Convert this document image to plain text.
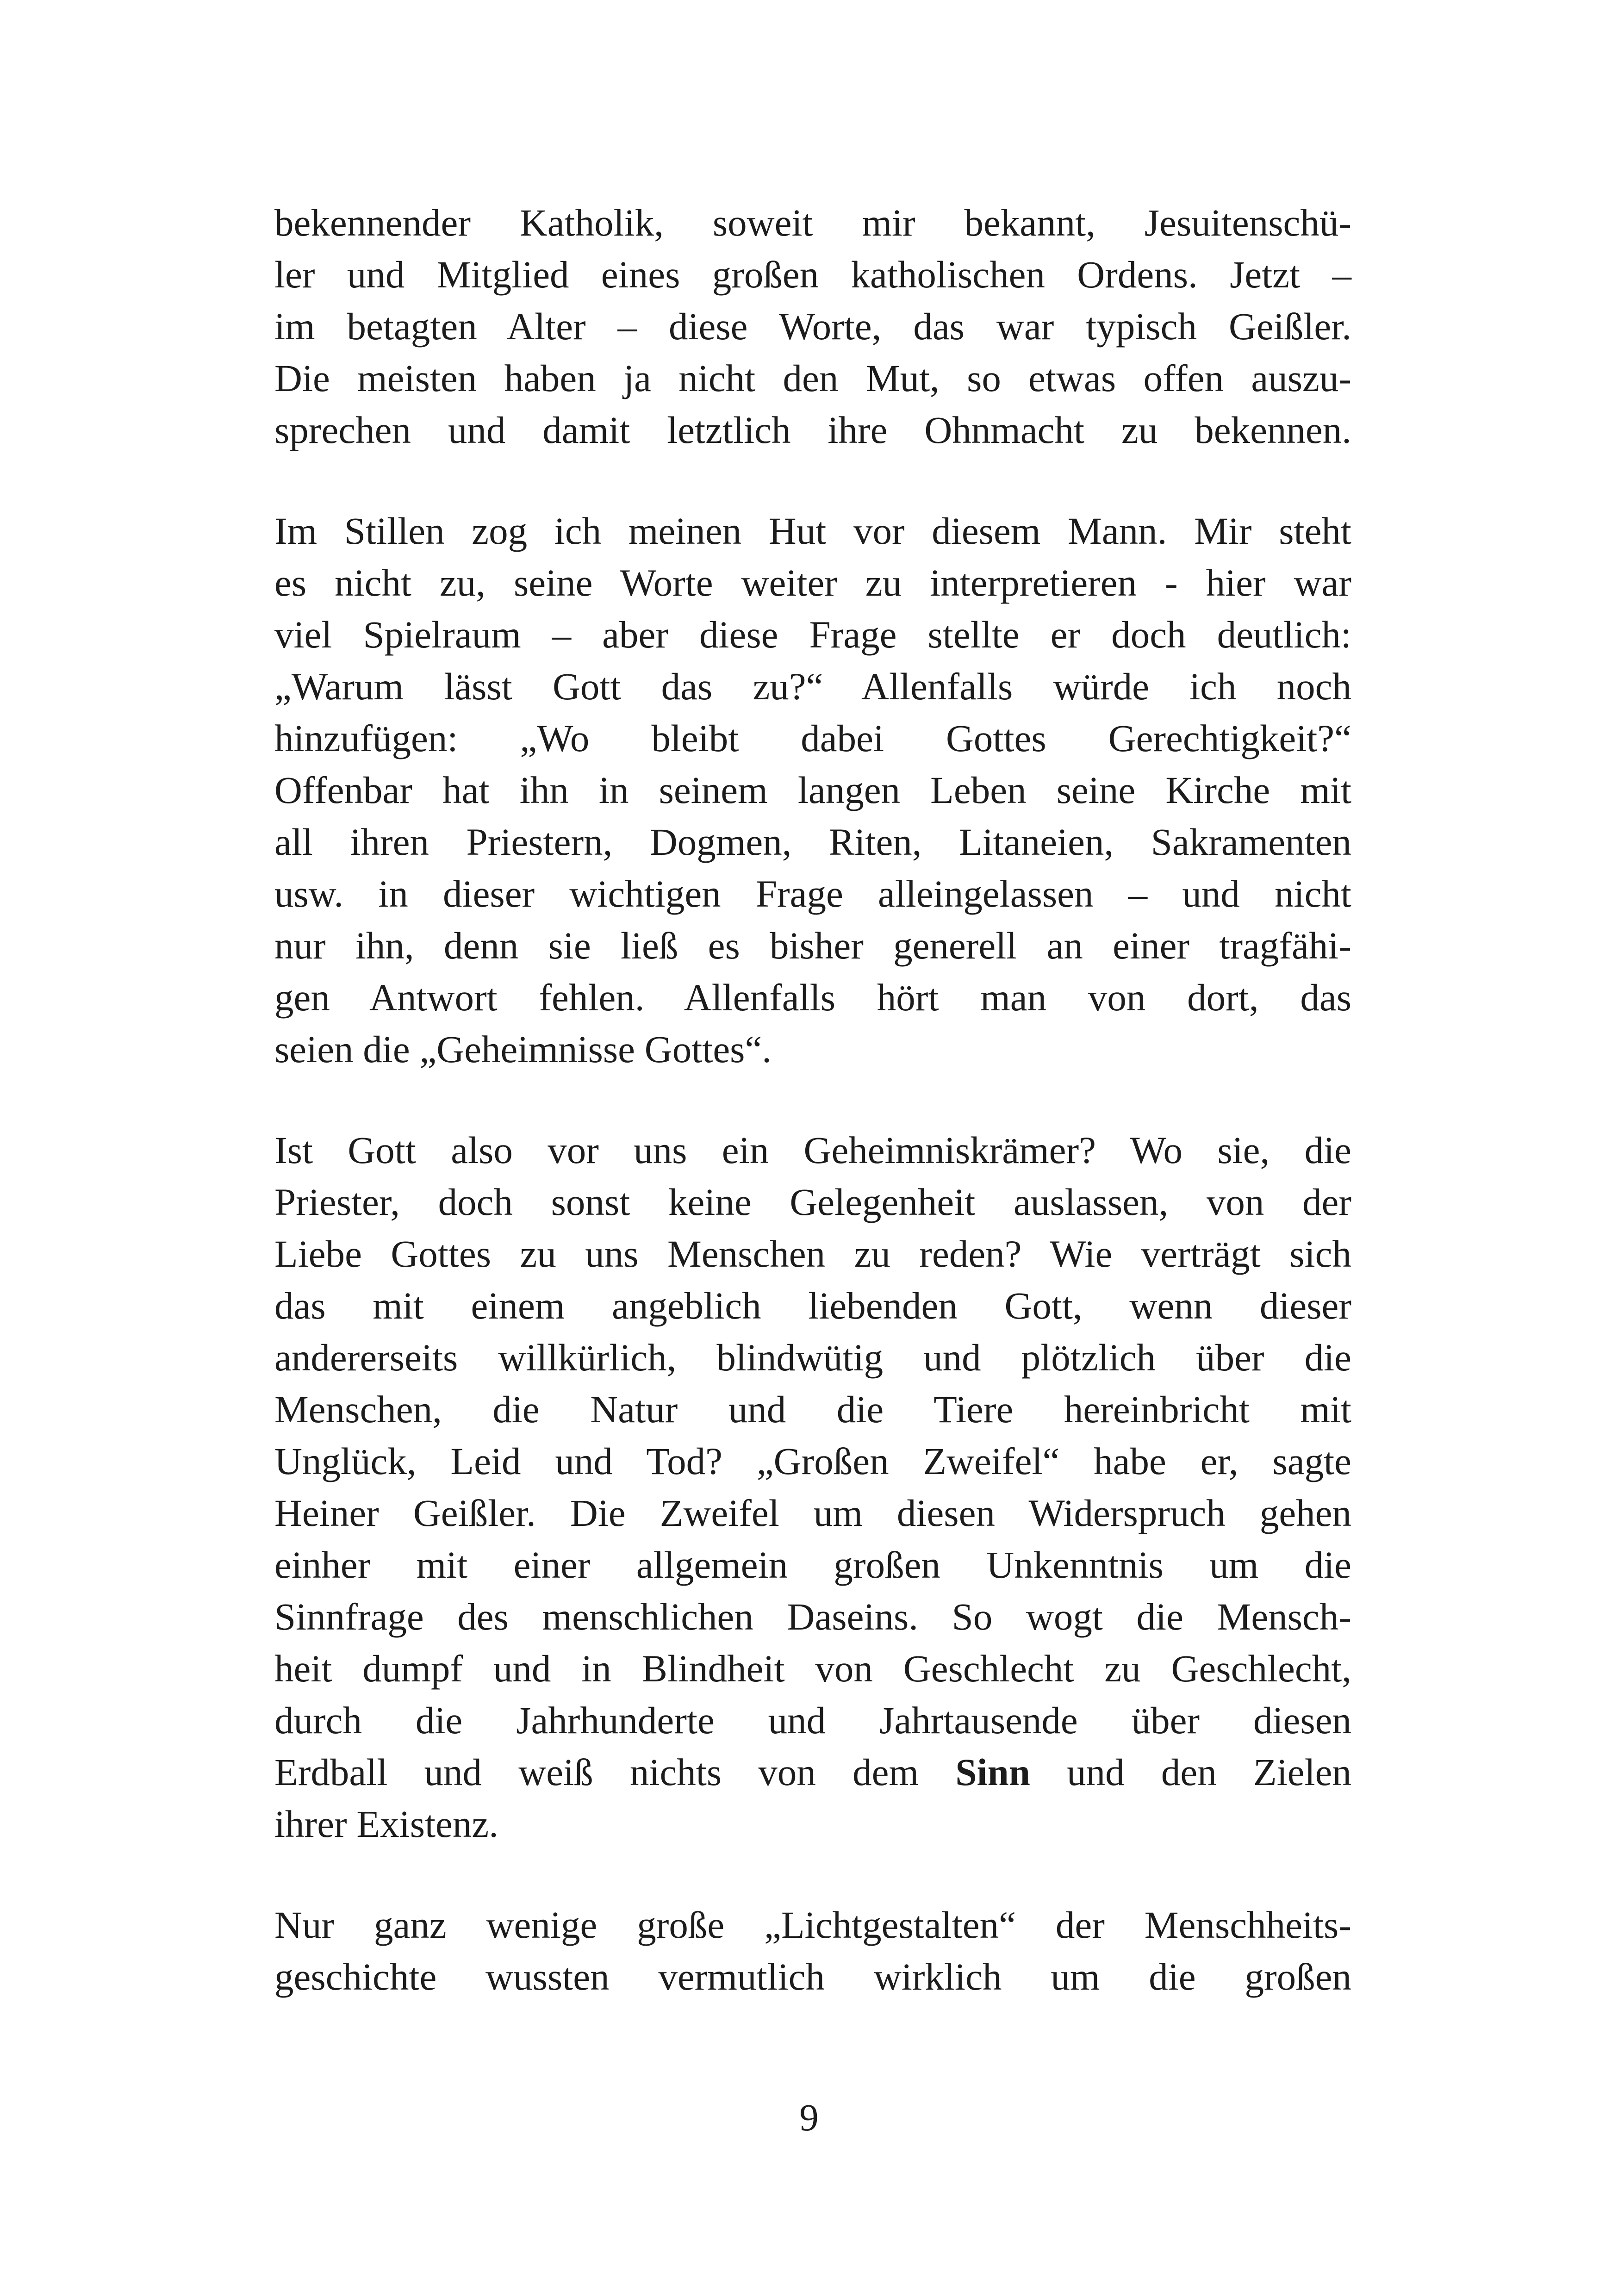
bekennender Katholik, soweit mir bekannt, Jesuitenschü-
ler und Mitglied eines großen katholischen Ordens. Jetzt –
im betagten Alter – diese Worte, das war typisch Geißler.
Die meisten haben ja nicht den Mut, so etwas offen auszu-
sprechen und damit letztlich ihre Ohnmacht zu bekennen.

Im Stillen zog ich meinen Hut vor diesem Mann. Mir steht
es nicht zu, seine Worte weiter zu interpretieren - hier war
viel Spielraum – aber diese Frage stellte er doch deutlich:
„Warum lässt Gott das zu?“ Allenfalls würde ich noch
hinzufügen: „Wo bleibt dabei Gottes Gerechtigkeit?“
Offenbar hat ihn in seinem langen Leben seine Kirche mit
all ihren Priestern, Dogmen, Riten, Litaneien, Sakramenten
usw. in dieser wichtigen Frage alleingelassen – und nicht
nur ihn, denn sie ließ es bisher generell an einer tragfähi-
gen Antwort fehlen. Allenfalls hört man von dort, das
seien die „Geheimnisse Gottes“.

Ist Gott also vor uns ein Geheimniskrämer? Wo sie, die
Priester, doch sonst keine Gelegenheit auslassen, von der
Liebe Gottes zu uns Menschen zu reden? Wie verträgt sich
das mit einem angeblich liebenden Gott, wenn dieser
andererseits willkürlich, blindwütig und plötzlich über die
Menschen, die Natur und die Tiere hereinbricht mit
Unglück, Leid und Tod? „Großen Zweifel“ habe er, sagte
Heiner Geißler. Die Zweifel um diesen Widerspruch gehen
einher mit einer allgemein großen Unkenntnis um die
Sinnfrage des menschlichen Daseins. So wogt die Mensch-
heit dumpf und in Blindheit von Geschlecht zu Geschlecht,
durch die Jahrhunderte und Jahrtausende über diesen
Erdball und weiß nichts von dem Sinn und den Zielen
ihrer Existenz.

Nur ganz wenige große „Lichtgestalten“ der Menschheits-
geschichte wussten vermutlich wirklich um die großen

9
